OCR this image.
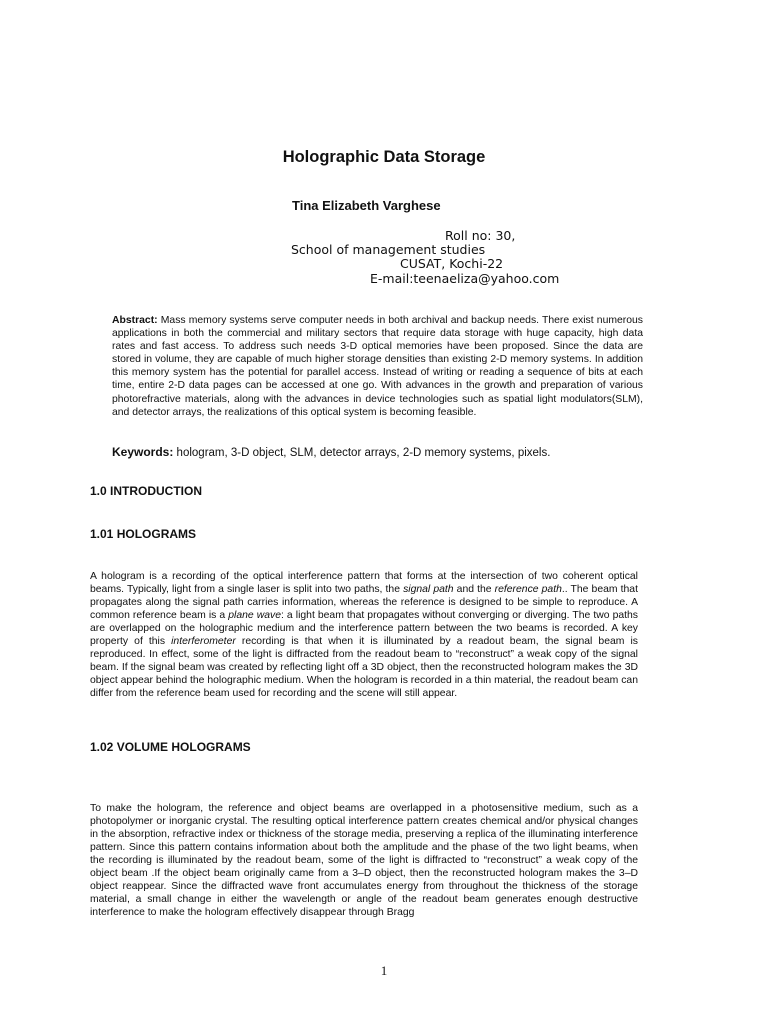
Holographic Data Storage
Tina Elizabeth Varghese
Roll no: 30,
School of management studies
CUSAT, Kochi-22
E-mail:teenaeliza@yahoo.com
Abstract: Mass memory systems serve computer needs in both archival and backup needs. There exist numerous applications in both the commercial and military sectors that require data storage with huge capacity, high data rates and fast access. To address such needs 3-D optical memories have been proposed. Since the data are stored in volume, they are capable of much higher storage densities than existing 2-D memory systems. In addition this memory system has the potential for parallel access. Instead of writing or reading a sequence of bits at each time, entire 2-D data pages can be accessed at one go. With advances in the growth and preparation of various photorefractive materials, along with the advances in device technologies such as spatial light modulators(SLM), and detector arrays, the realizations of this optical system is becoming feasible.
Keywords: hologram, 3-D object, SLM, detector arrays, 2-D memory systems, pixels.
1.0 INTRODUCTION
1.01 HOLOGRAMS
A hologram is a recording of the optical interference pattern that forms at the intersection of two coherent optical beams. Typically, light from a single laser is split into two paths, the signal path and the reference path.. The beam that propagates along the signal path carries information, whereas the reference is designed to be simple to reproduce. A common reference beam is a plane wave: a light beam that propagates without converging or diverging. The two paths are overlapped on the holographic medium and the interference pattern between the two beams is recorded. A key property of this interferometer recording is that when it is illuminated by a readout beam, the signal beam is reproduced. In effect, some of the light is diffracted from the readout beam to “reconstruct” a weak copy of the signal beam. If the signal beam was created by reflecting light off a 3D object, then the reconstructed hologram makes the 3D object appear behind the holographic medium. When the hologram is recorded in a thin material, the readout beam can differ from the reference beam used for recording and the scene will still appear.
1.02 VOLUME HOLOGRAMS
To make the hologram, the reference and object beams are overlapped in a photosensitive medium, such as a photopolymer or inorganic crystal. The resulting optical interference pattern creates chemical and/or physical changes in the absorption, refractive index or thickness of the storage media, preserving a replica of the illuminating interference pattern. Since this pattern contains information about both the amplitude and the phase of the two light beams, when the recording is illuminated by the readout beam, some of the light is diffracted to “reconstruct” a weak copy of the object beam .If the object beam originally came from a 3–D object, then the reconstructed hologram makes the 3–D object reappear. Since the diffracted wave front accumulates energy from throughout the thickness of the storage material, a small change in either the wavelength or angle of the readout beam generates enough destructive interference to make the hologram effectively disappear through Bragg
1
